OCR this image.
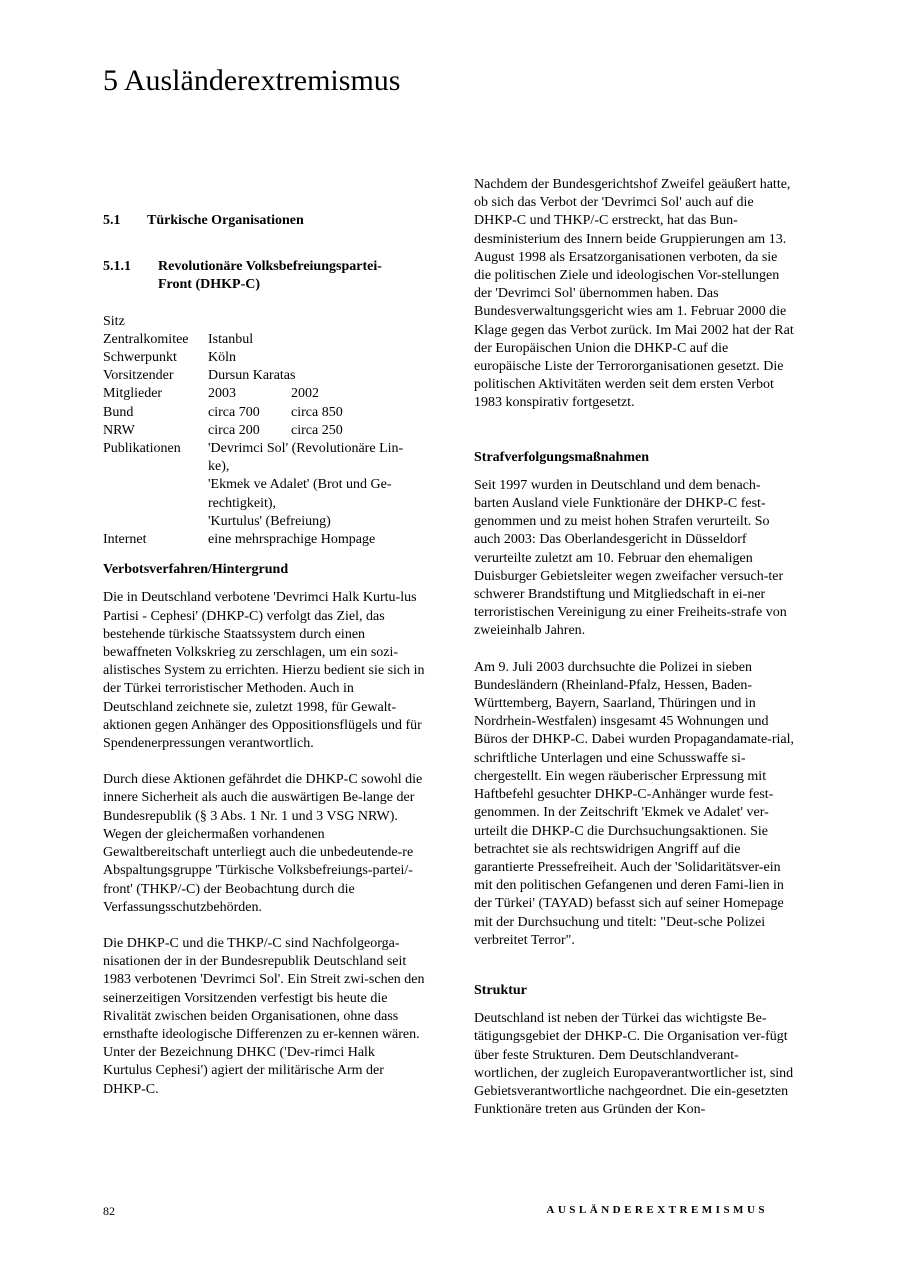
5 Ausländerextremismus
5.1	Türkische Organisationen
5.1.1	Revolutionäre Volksbefreiungspartei-Front (DHKP-C)
Sitz
Zentralkomitee	Istanbul
Schwerpunkt	Köln
Vorsitzender	Dursun Karatas
Mitglieder	2003	2002
Bund	circa 700	circa 850
NRW	circa 200	circa 250
Publikationen	'Devrimci Sol' (Revolutionäre Lin-
ke),
'Ekmek ve Adalet' (Brot und Ge-
rechtigkeit),
'Kurtulus' (Befreiung)
Internet	eine mehrsprachige Hompage
Verbotsverfahren/Hintergrund

Die in Deutschland verbotene 'Devrimci Halk Kurtu-lus Partisi - Cephesi' (DHKP-C) verfolgt das Ziel, das bestehende türkische Staatssystem durch einen bewaffneten Volkskrieg zu zerschlagen, um ein sozi-alistisches System zu errichten. Hierzu bedient sie sich in der Türkei terroristischer Methoden. Auch in Deutschland zeichnete sie, zuletzt 1998, für Gewalt-aktionen gegen Anhänger des Oppositionsflügels und für Spendenerpressungen verantwortlich.

Durch diese Aktionen gefährdet die DHKP-C sowohl die innere Sicherheit als auch die auswärtigen Be-lange der Bundesrepublik (§ 3 Abs. 1 Nr. 1 und 3 VSG NRW). Wegen der gleichermaßen vorhandenen Gewaltbereitschaft unterliegt auch die unbedeutende-re Abspaltungsgruppe 'Türkische Volksbefreiungs-partei/-front' (THKP/-C) der Beobachtung durch die Verfassungsschutzbehörden.

Die DHKP-C und die THKP/-C sind Nachfolgeorga-nisationen der in der Bundesrepublik Deutschland seit 1983 verbotenen 'Devrimci Sol'. Ein Streit zwi-schen den seinerzeitigen Vorsitzenden verfestigt bis heute die Rivalität zwischen beiden Organisationen, ohne dass ernsthafte ideologische Differenzen zu er-kennen wären. Unter der Bezeichnung DHKC ('Dev-rimci Halk Kurtulus Cephesi') agiert der militärische Arm der DHKP-C.

Nachdem der Bundesgerichtshof Zweifel geäußert hatte, ob sich das Verbot der 'Devrimci Sol' auch auf die DHKP-C und THKP/-C erstreckt, hat das Bun-desministerium des Innern beide Gruppierungen am 13. August 1998 als Ersatzorganisationen verboten, da sie die politischen Ziele und ideologischen Vor-stellungen der 'Devrimci Sol' übernommen haben. Das Bundesverwaltungsgericht wies am 1. Februar 2000 die Klage gegen das Verbot zurück. Im Mai 2002 hat der Rat der Europäischen Union die DHKP-C auf die europäische Liste der Terrororganisationen gesetzt. Die politischen Aktivitäten werden seit dem ersten Verbot 1983 konspirativ fortgesetzt.

Strafverfolgungsmaßnahmen

Seit 1997 wurden in Deutschland und dem benach-barten Ausland viele Funktionäre der DHKP-C fest-genommen und zu meist hohen Strafen verurteilt. So auch 2003: Das Oberlandesgericht in Düsseldorf verurteilte zuletzt am 10. Februar den ehemaligen Duisburger Gebietsleiter wegen zweifacher versuch-ter schwerer Brandstiftung und Mitgliedschaft in ei-ner terroristischen Vereinigung zu einer Freiheits-strafe von zweieinhalb Jahren.

Am 9. Juli 2003 durchsuchte die Polizei in sieben Bundesländern (Rheinland-Pfalz, Hessen, Baden-Württemberg, Bayern, Saarland, Thüringen und in Nordrhein-Westfalen) insgesamt 45 Wohnungen und Büros der DHKP-C. Dabei wurden Propagandamate-rial, schriftliche Unterlagen und eine Schusswaffe si-chergestellt. Ein wegen räuberischer Erpressung mit Haftbefehl gesuchter DHKP-C-Anhänger wurde fest-genommen. In der Zeitschrift 'Ekmek ve Adalet' ver-urteilt die DHKP-C die Durchsuchungsaktionen. Sie betrachtet sie als rechtswidrigen Angriff auf die garantierte Pressefreiheit. Auch der 'Solidaritätsver-ein mit den politischen Gefangenen und deren Fami-lien in der Türkei' (TAYAD) befasst sich auf seiner Homepage mit der Durchsuchung und titelt: "Deut-sche Polizei verbreitet Terror".

Struktur

Deutschland ist neben der Türkei das wichtigste Be-tätigungsgebiet der DHKP-C. Die Organisation ver-fügt über feste Strukturen. Dem Deutschlandverant-wortlichen, der zugleich Europaverantwortlicher ist, sind Gebietsverantwortliche nachgeordnet. Die ein-gesetzten Funktionäre treten aus Gründen der Kon-

82	AUSLÄNDEREXTREMISMUS
